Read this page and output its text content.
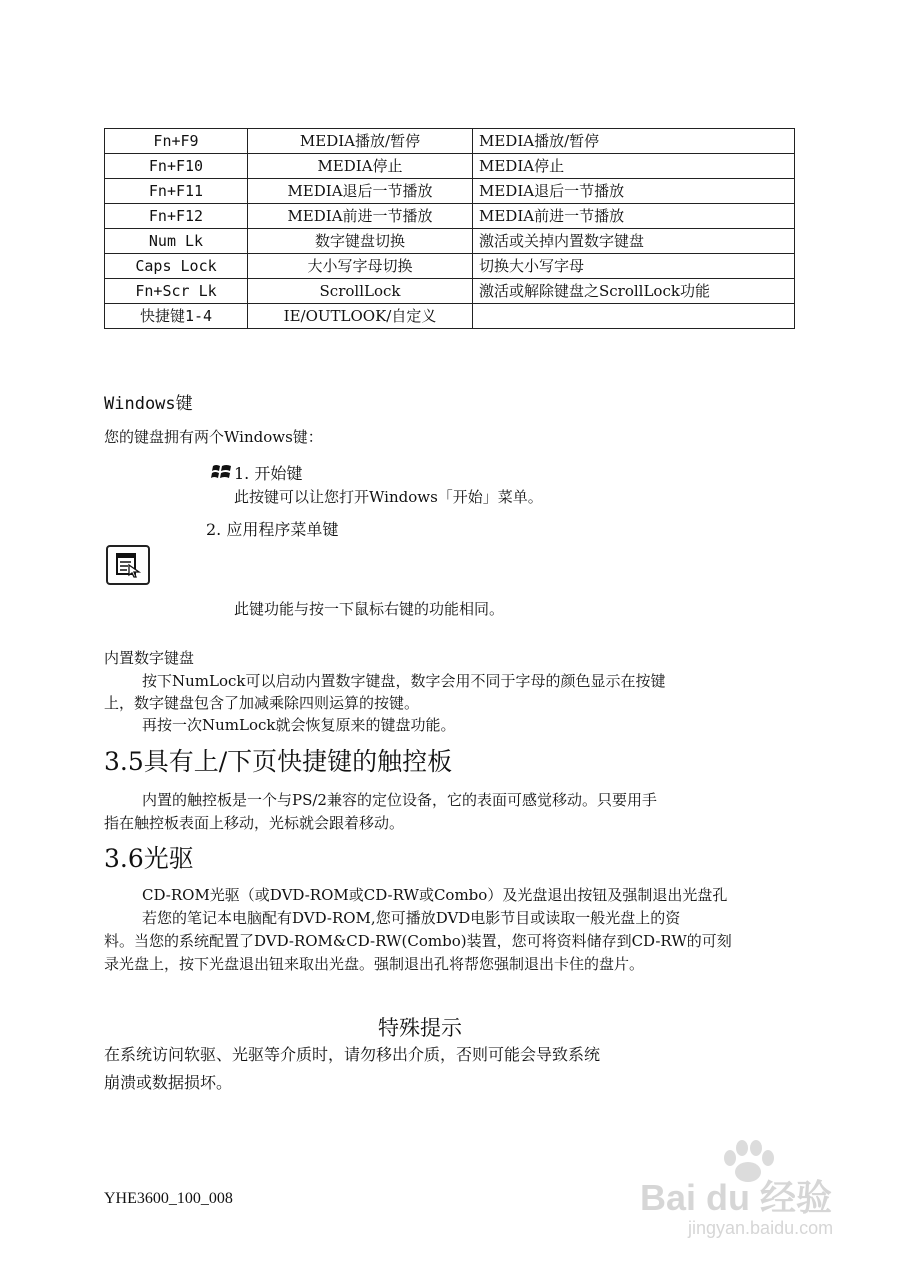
Fn+F9	MEDIA播放/暂停	MEDIA播放/暂停
Fn+F10	MEDIA停止	MEDIA停止
Fn+F11	MEDIA退后一节播放	MEDIA退后一节播放
Fn+F12	MEDIA前进一节播放	MEDIA前进一节播放
Num Lk	数字键盘切换	激活或关掉内置数字键盘
Caps Lock	大小写字母切换	切换大小写字母
Fn+Scr Lk	ScrollLock	激活或解除键盘之ScrollLock功能
快捷键1-4	IE/OUTLOOK/自定义	
Windows键
您的键盘拥有两个Windows键：
1. 开始键
此按键可以让您打开Windows「开始」菜单。
2. 应用程序菜单键
此键功能与按一下鼠标右键的功能相同。
内置数字键盘
按下NumLock可以启动内置数字键盘，数字会用不同于字母的颜色显示在按键
上，数字键盘包含了加减乘除四则运算的按键。
再按一次NumLock就会恢复原来的键盘功能。
3.5具有上/下页快捷键的触控板
内置的触控板是一个与PS/2兼容的定位设备，它的表面可感觉移动。只要用手
指在触控板表面上移动，光标就会跟着移动。
3.6光驱
CD-ROM光驱（或DVD-ROM或CD-RW或Combo）及光盘退出按钮及强制退出光盘孔
若您的笔记本电脑配有DVD-ROM,您可播放DVD电影节目或读取一般光盘上的资
料。当您的系统配置了DVD-ROM&CD-RW(Combo)装置，您可将资料储存到CD-RW的可刻
录光盘上，按下光盘退出钮来取出光盘。强制退出孔将帮您强制退出卡住的盘片。
特殊提示
在系统访问软驱、光驱等介质时，请勿移出介质，否则可能会导致系统
崩溃或数据损坏。
YHE3600_100_008	Bai du 经验
jingyan.baidu.com
